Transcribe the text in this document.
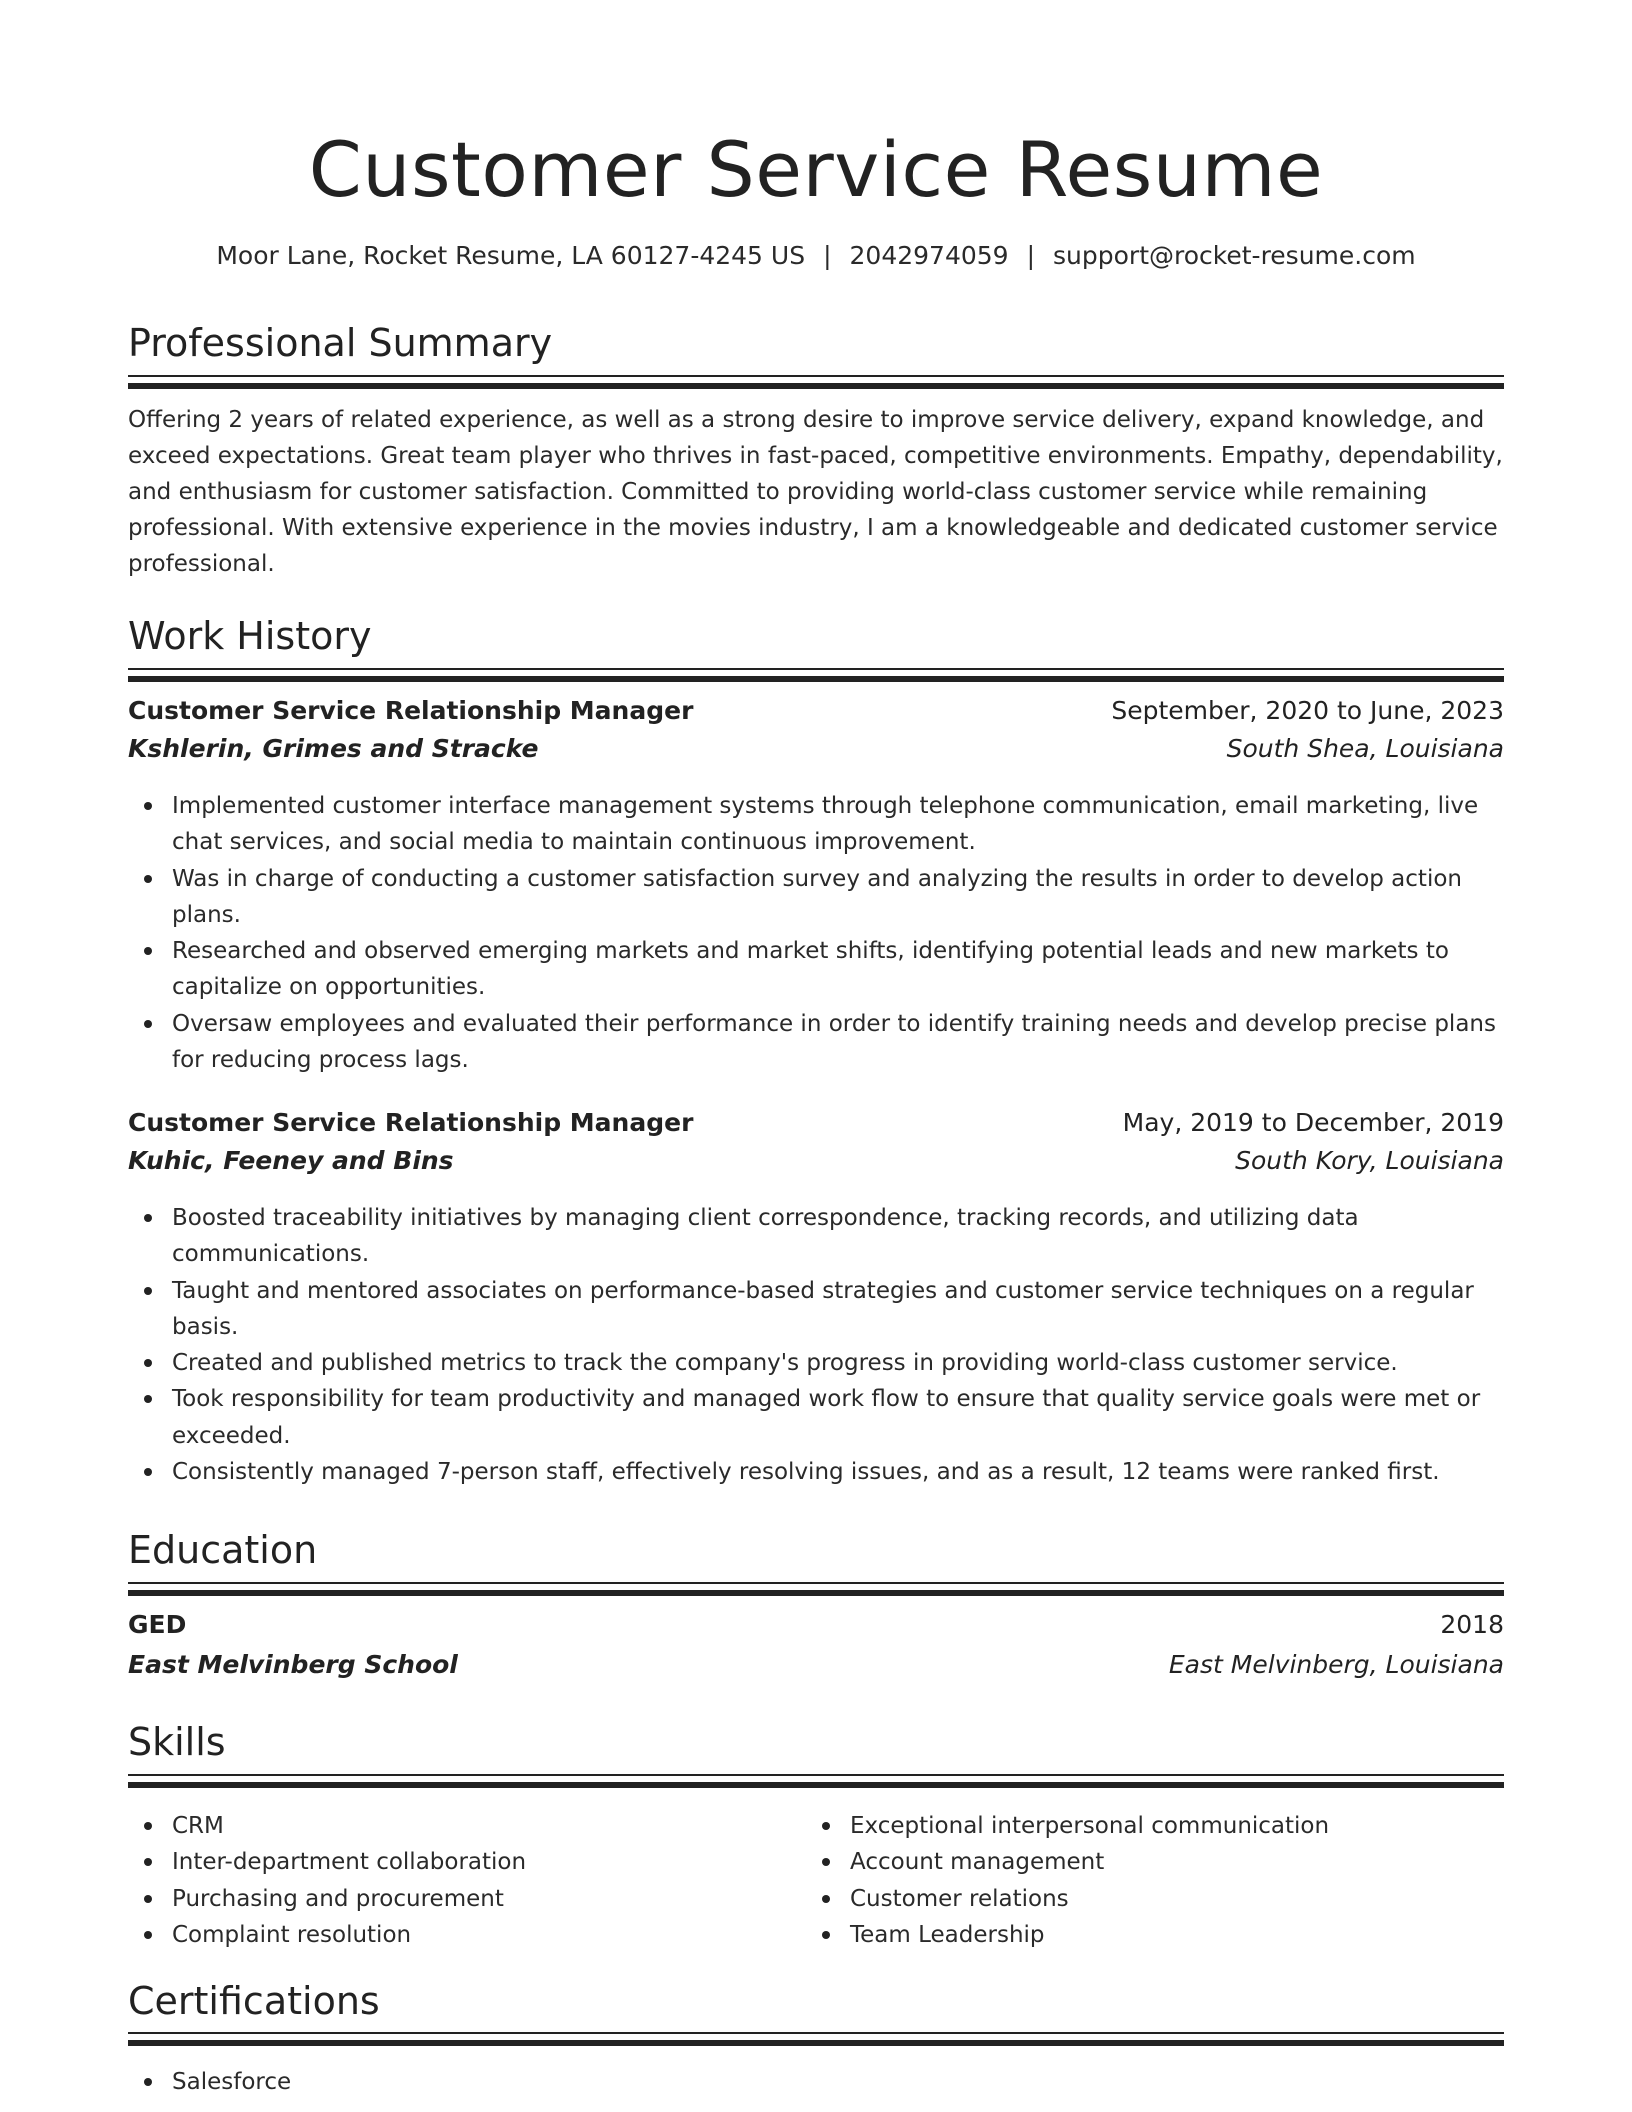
Customer Service Resume
Moor Lane, Rocket Resume, LA 60127-4245 US | 2042974059 | support@rocket-resume.com
Professional Summary

Offering 2 years of related experience, as well as a strong desire to improve service delivery, expand knowledge, and exceed expectations. Great team player who thrives in fast-paced, competitive environments. Empathy, dependability, and enthusiasm for customer satisfaction. Committed to providing world-class customer service while remaining professional. With extensive experience in the movies industry, I am a knowledgeable and dedicated customer service professional.

Work History
Customer Service Relationship Manager	September, 2020 to June, 2023
Kshlerin, Grimes and Stracke	South Shea, Louisiana
Implemented customer interface management systems through telephone communication, email marketing, live chat services, and social media to maintain continuous improvement.
Was in charge of conducting a customer satisfaction survey and analyzing the results in order to develop action plans.
Researched and observed emerging markets and market shifts, identifying potential leads and new markets to capitalize on opportunities.
Oversaw employees and evaluated their performance in order to identify training needs and develop precise plans for reducing process lags.
Customer Service Relationship Manager	May, 2019 to December, 2019
Kuhic, Feeney and Bins	South Kory, Louisiana
Boosted traceability initiatives by managing client correspondence, tracking records, and utilizing data communications.
Taught and mentored associates on performance-based strategies and customer service techniques on a regular basis.
Created and published metrics to track the company's progress in providing world-class customer service.
Took responsibility for team productivity and managed work flow to ensure that quality service goals were met or exceeded.
Consistently managed 7-person staff, effectively resolving issues, and as a result, 12 teams were ranked first.
Education
GED	2018
East Melvinberg School	East Melvinberg, Louisiana
Skills
CRM
Inter-department collaboration
Purchasing and procurement
Complaint resolution
Exceptional interpersonal communication
Account management
Customer relations
Team Leadership
Certifications
Salesforce
